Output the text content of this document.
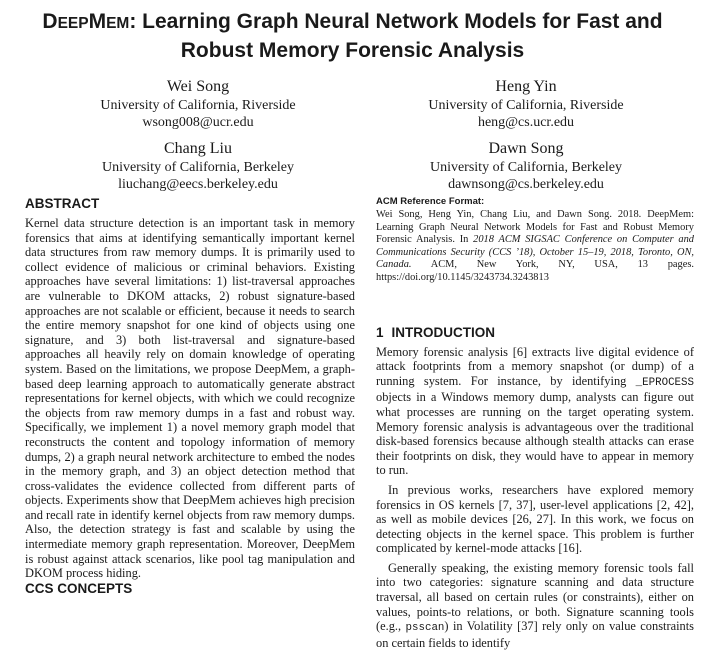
DEEPMEM: Learning Graph Neural Network Models for Fast and
Robust Memory Forensic Analysis
Wei Song
University of California, Riverside
wsong008@ucr.edu
Heng Yin
University of California, Riverside
heng@cs.ucr.edu
Chang Liu
University of California, Berkeley
liuchang@eecs.berkeley.edu
Dawn Song
University of California, Berkeley
dawnsong@cs.berkeley.edu
ABSTRACT

Kernel data structure detection is an important task in memory forensics that aims at identifying semantically important kernel data structures from raw memory dumps. It is primarily used to collect evidence of malicious or criminal behaviors. Existing approaches have several limitations: 1) list-traversal approaches are vulnerable to DKOM attacks, 2) robust signature-based approaches are not scalable or efficient, because it needs to search the entire memory snapshot for one kind of objects using one signature, and 3) both list-traversal and signature-based approaches all heavily rely on domain knowledge of operating system. Based on the limitations, we propose DeepMem, a graph-based deep learning approach to automatically generate abstract representations for kernel objects, with which we could recognize the objects from raw memory dumps in a fast and robust way. Specifically, we implement 1) a novel memory graph model that reconstructs the content and topology information of memory dumps, 2) a graph neural network architecture to embed the nodes in the memory graph, and 3) an object detection method that cross-validates the evidence collected from different parts of objects. Experiments show that DeepMem achieves high precision and recall rate in identify kernel objects from raw memory dumps. Also, the detection strategy is fast and scalable by using the intermediate memory graph representation. Moreover, DeepMem is robust against attack scenarios, like pool tag manipulation and DKOM process hiding.

CCS CONCEPTS
ACM Reference Format:

Wei Song, Heng Yin, Chang Liu, and Dawn Song. 2018. DeepMem: Learning Graph Neural Network Models for Fast and Robust Memory Forensic Analysis. In 2018 ACM SIGSAC Conference on Computer and Communications Security (CCS ’18), October 15–19, 2018, Toronto, ON, Canada. ACM, New York, NY, USA, 13 pages. https://doi.org/10.1145/3243734.3243813

1 INTRODUCTION

Memory forensic analysis [6] extracts live digital evidence of attack footprints from a memory snapshot (or dump) of a running system. For instance, by identifying _EPROCESS objects in a Windows memory dump, analysts can figure out what processes are running on the target operating system. Memory forensic analysis is advantageous over the traditional disk-based forensics because although stealth attacks can erase their footprints on disk, they would have to appear in memory to run.

In previous works, researchers have explored memory forensics in OS kernels [7, 37], user-level applications [2, 42], as well as mobile devices [26, 27]. In this work, we focus on detecting objects in the kernel space. This problem is further complicated by kernel-mode attacks [16].

Generally speaking, the existing memory forensic tools fall into two categories: signature scanning and data structure traversal, all based on certain rules (or constraints), either on values, points-to relations, or both. Signature scanning tools (e.g., psscan) in Volatility [37] rely only on value constraints on certain fields to identify
